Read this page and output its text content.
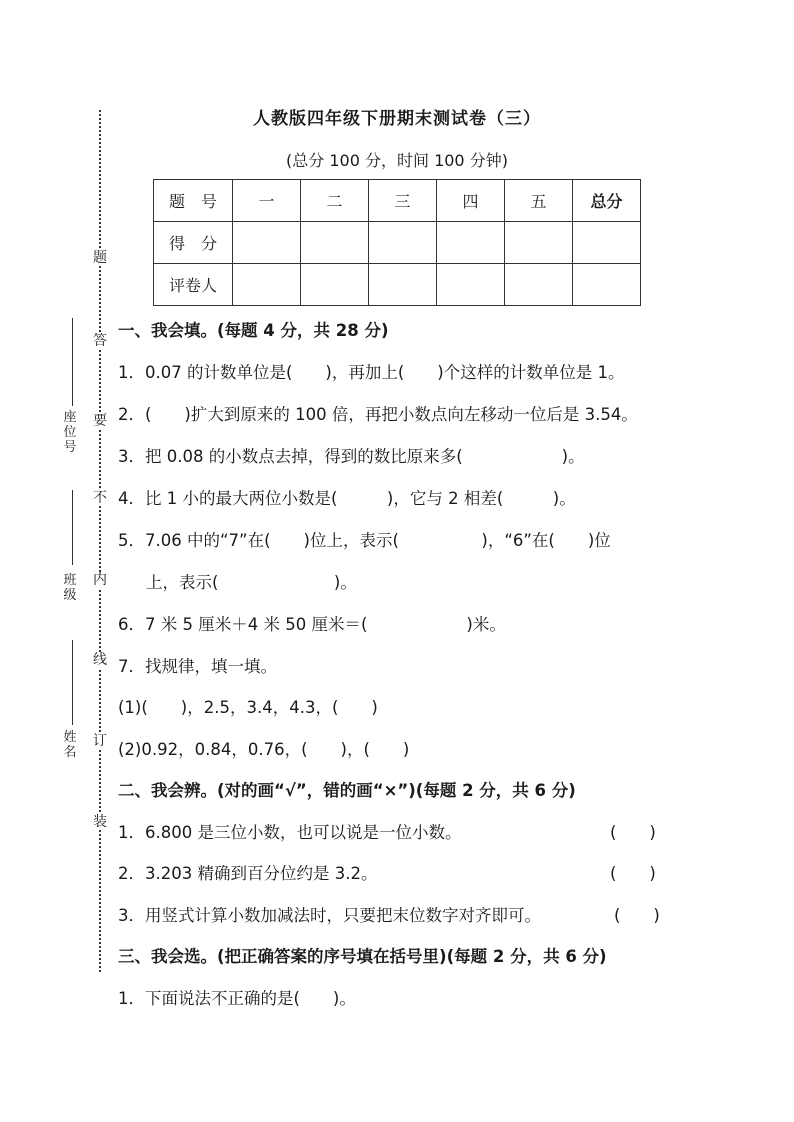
题
答
要
不
内
线
订
装
座
位
号
班
级
姓
名
人教版四年级下册期末测试卷（三）
(总分 100 分，时间 100 分钟)
题　号	一	二	三	四	五	总分
得　分						
评卷人						
一、我会填。(每题 4 分，共 28 分)
1．0.07 的计数单位是(　　)，再加上(　　)个这样的计数单位是 1。
2．(　　)扩大到原来的 100 倍，再把小数点向左移动一位后是 3.54。
3．把 0.08 的小数点去掉，得到的数比原来多(　　　　　　)。
4．比 1 小的最大两位小数是(　　　)，它与 2 相差(　　　)。
5．7.06 中的“7”在(　　)位上，表示(　　　　　)，“6”在(　　)位
上，表示(　　　　　　　)。
6．7 米 5 厘米＋4 米 50 厘米＝(　　　　　　)米。
7．找规律，填一填。
(1)(　　)，2.5，3.4，4.3，(　　)
(2)0.92，0.84，0.76，(　　)，(　　)
二、我会辨。(对的画“√”，错的画“×”)(每题 2 分，共 6 分)
1．6.800 是三位小数，也可以说是一位小数。	(　　)
2．3.203 精确到百分位约是 3.2。	(　　)
3．用竖式计算小数加减法时，只要把末位数字对齐即可。	(　　)
三、我会选。(把正确答案的序号填在括号里)(每题 2 分，共 6 分)
1．下面说法不正确的是(　　)。
